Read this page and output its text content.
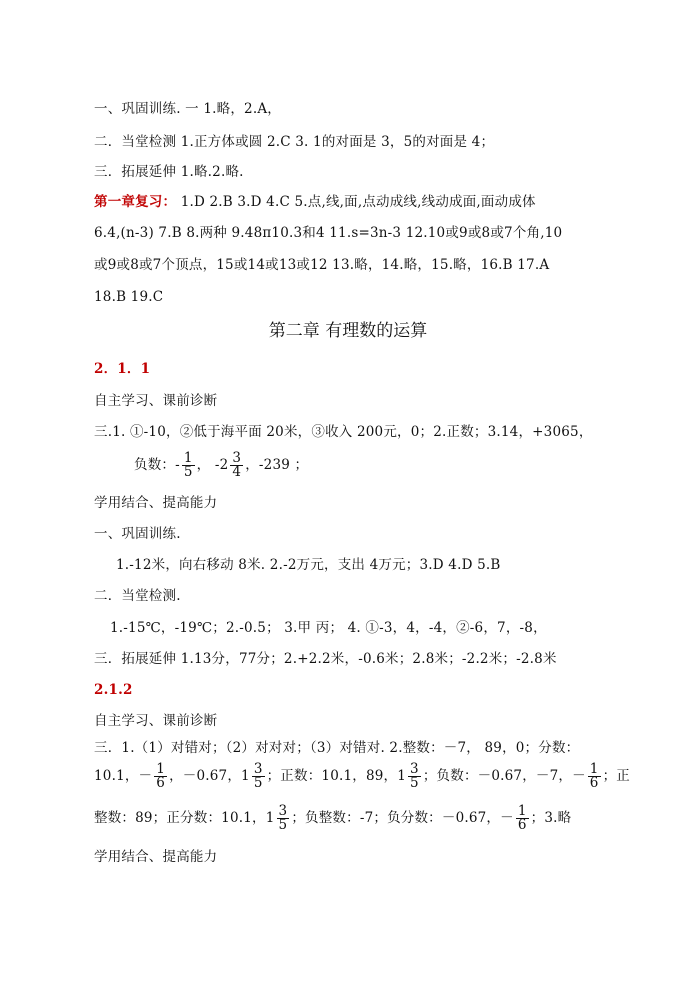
一、巩固训练. 一 1.略，2.A，
二．当堂检测 1.正方体或圆 2.C 3. 1的对面是 3，5的对面是 4；
三．拓展延伸 1.略.2.略.
第一章复习： 1.D 2.B 3.D 4.C 5.点,线,面,点动成线,线动成面,面动成体
6.4,(n-3) 7.B 8.两种 9.48π10.3和4 11.s=3n-3 12.10或9或8或7个角,10
或9或8或7个顶点，15或14或13或12 13.略，14.略，15.略，16.B 17.A
18.B 19.C
第二章 有理数的运算
2．1．1
自主学习、课前诊断
三.1. ①-10，②低于海平面 20米，③收入 200元，0；2.正数；3.14，+3065，
负数：- $\frac{1}{5}$ ， $-2 \frac{3}{4}$ ，-239 ；
学用结合、提高能力
一、巩固训练.
1.-12米，向右移动 8米. 2.-2万元，支出 4万元；3.D 4.D 5.B
二．当堂检测.
1.-15℃，-19℃；2.-0.5； 3.甲 丙； 4. ①-3，4，-4，②-6，7，-8，
三．拓展延伸 1.13分，77分；2.+2.2米，-0.6米；2.8米；-2.2米；-2.8米
2.1.2
自主学习、课前诊断
三．1.（1）对错对；（2）对对对；（3）对错对. 2.整数：－7， 89，0；分数：
10.1，－ $\frac{1}{6}$ ，－0.67，$1 \frac{3}{5}$ ；正数：10.1，89，$1 \frac{3}{5}$ ；负数：－0.67，－7，－ $\frac{1}{6}$ ；正
整数：89；正分数：10.1，$1 \frac{3}{5}$ ；负整数：-7；负分数：－0.67，－ $\frac{1}{6}$ ；3.略
学用结合、提高能力
